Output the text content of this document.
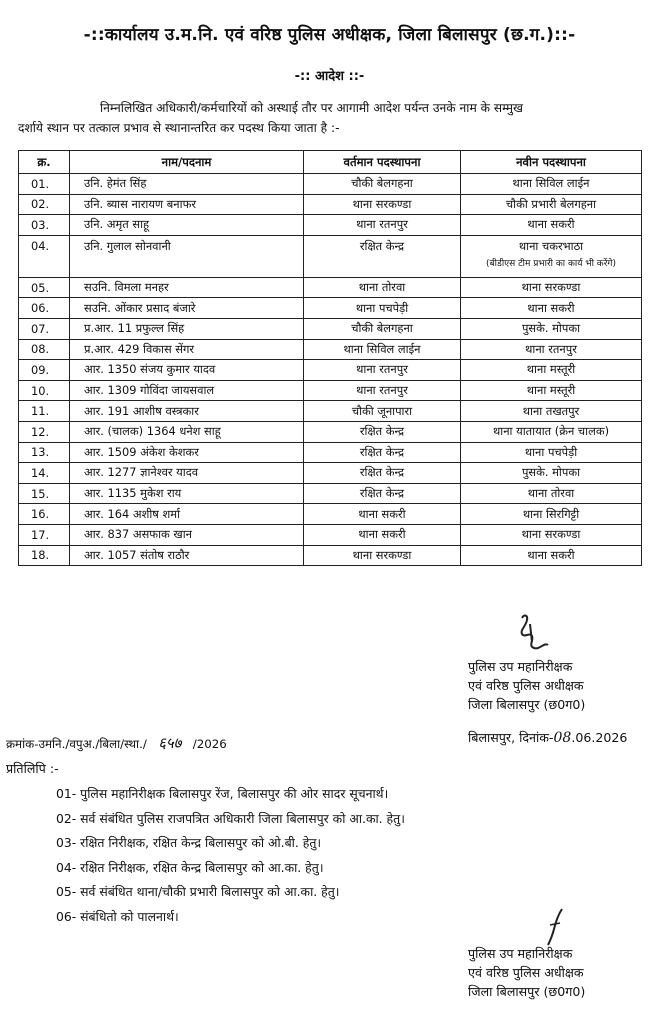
-::कार्यालय उ.म.नि. एवं वरिष्ठ पुलिस अधीक्षक, जिला बिलासपुर (छ.ग.)::-
-:: आदेश ::-
निम्नलिखित अधिकारी/कर्मचारियों को अस्थाई तौर पर आगामी आदेश पर्यन्त उनके नाम के सम्मुख
दर्शाये स्थान पर तत्काल प्रभाव से स्थानान्तरित कर पदस्थ किया जाता है :-
क्र.	नाम/पदनाम	वर्तमान पदस्थापना	नवीन पदस्थापना
01.	उनि. हेमंत सिंह	चौकी बेलगहना	थाना सिविल लाईन
02.	उनि. ब्यास नारायण बनाफर	थाना सरकण्डा	चौकी प्रभारी बेलगहना
03.	उनि. अमृत साहू	थाना रतनपुर	थाना सकरी
04.	उनि. गुलाल सोनवानी	रक्षित केन्द्र	थाना चकरभाठा
(बीडीएस टीम प्रभारी का कार्य भी करेंगे)

05.	सउनि. विमला मनहर	थाना तोरवा	थाना सरकण्डा
06.	सउनि. ओंकार प्रसाद बंजारे	थाना पचपेड़ी	थाना सकरी
07.	प्र.आर. 11 प्रफुल्ल सिंह	चौकी बेलगहना	पुसके. मोपका
08.	प्र.आर. 429 विकास सेंगर	थाना सिविल लाईन	थाना रतनपुर
09.	आर. 1350 संजय कुमार यादव	थाना रतनपुर	थाना मस्तूरी
10.	आर. 1309 गोविंदा जायसवाल	थाना रतनपुर	थाना मस्तूरी
11.	आर. 191 आशीष वस्त्रकार	चौकी जूनापारा	थाना तखतपुर
12.	आर. (चालक) 1364 धनेश साहू	रक्षित केन्द्र	थाना यातायात (क्रेन चालक)
13.	आर. 1509 अंकेश केशकर	रक्षित केन्द्र	थाना पचपेड़ी
14.	आर. 1277 ज्ञानेश्वर यादव	रक्षित केन्द्र	पुसके. मोपका
15.	आर. 1135 मुकेश राय	रक्षित केन्द्र	थाना तोरवा
16.	आर. 164 अशीष शर्मा	थाना सकरी	थाना सिरगिट्टी
17.	आर. 837 असफाक खान	थाना सकरी	थाना सरकण्डा
18.	आर. 1057 संतोष राठौर	थाना सरकण्डा	थाना सकरी
पुलिस उप महानिरीक्षक
एवं वरिष्ठ पुलिस अधीक्षक
जिला बिलासपुर (छ0ग0)
क्रमांक-उमनि./वपुअ./बिला/स्था./ ६५७ /2026	बिलासपुर, दिनांक-08.06.2026
प्रतिलिपि :-
01- पुलिस महानिरीक्षक बिलासपुर रेंज, बिलासपुर की ओर सादर सूचनार्थ।
02- सर्व संबंधित पुलिस राजपत्रित अधिकारी जिला बिलासपुर को आ.का. हेतु।
03- रक्षित निरीक्षक, रक्षित केन्द्र बिलासपुर को ओ.बी. हेतु।
04- रक्षित निरीक्षक, रक्षित केन्द्र बिलासपुर को आ.का. हेतु।
05- सर्व संबंधित थाना/चौकी प्रभारी बिलासपुर को आ.का. हेतु।
06- संबंधितो को पालनार्थ।
पुलिस उप महानिरीक्षक
एवं वरिष्ठ पुलिस अधीक्षक
जिला बिलासपुर (छ0ग0)
